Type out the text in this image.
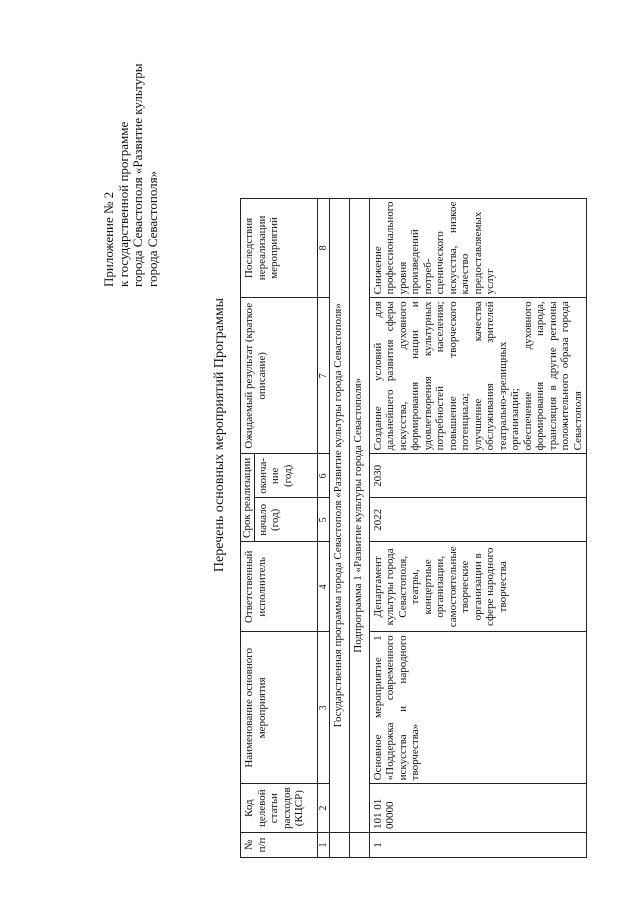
Приложение № 2 к государственной программе города Севастополя «Развитие культуры города Севастополя»
Перечень основных мероприятий Программы
№ п/п	Код целевой статьи расходов (КЦСР)	Наименование основного мероприятия	Ответственный исполнитель	Срок реализации		Ожидаемый результат (краткое описание)	Последствия нереализации мероприятий
				начало (год)	оконча-ние (год)		
1	2	3	4	5	6	7	8
	Государственная программа города Севастополя «Развитие культуры города Севастополя»						
	Подпрограмма 1 «Развитие культуры города Севастополя»						
1	101 01 00000	Основное мероприятие 1 «Поддержка современного искусства и народного творчества»	Департамент культуры города Севастополя, театры, концертные организации, самостоятельные творческие организации в сфере народного творчества	2022	2030	Создание условий для дальнейшего развития сферы искусства, духовного формирования нации и удовлетворения культурных потребностей населения; повышение творческого потенциала; улучшение качества обслуживания зрителей театрально-зрелищных организаций; обеспечение духовного формирования народа, трансляция в другие регионы положительного образа города Севастополя	Снижение профессионального уровня произведений потреб-сценического искусства, низкое качество предоставляемых услуг
